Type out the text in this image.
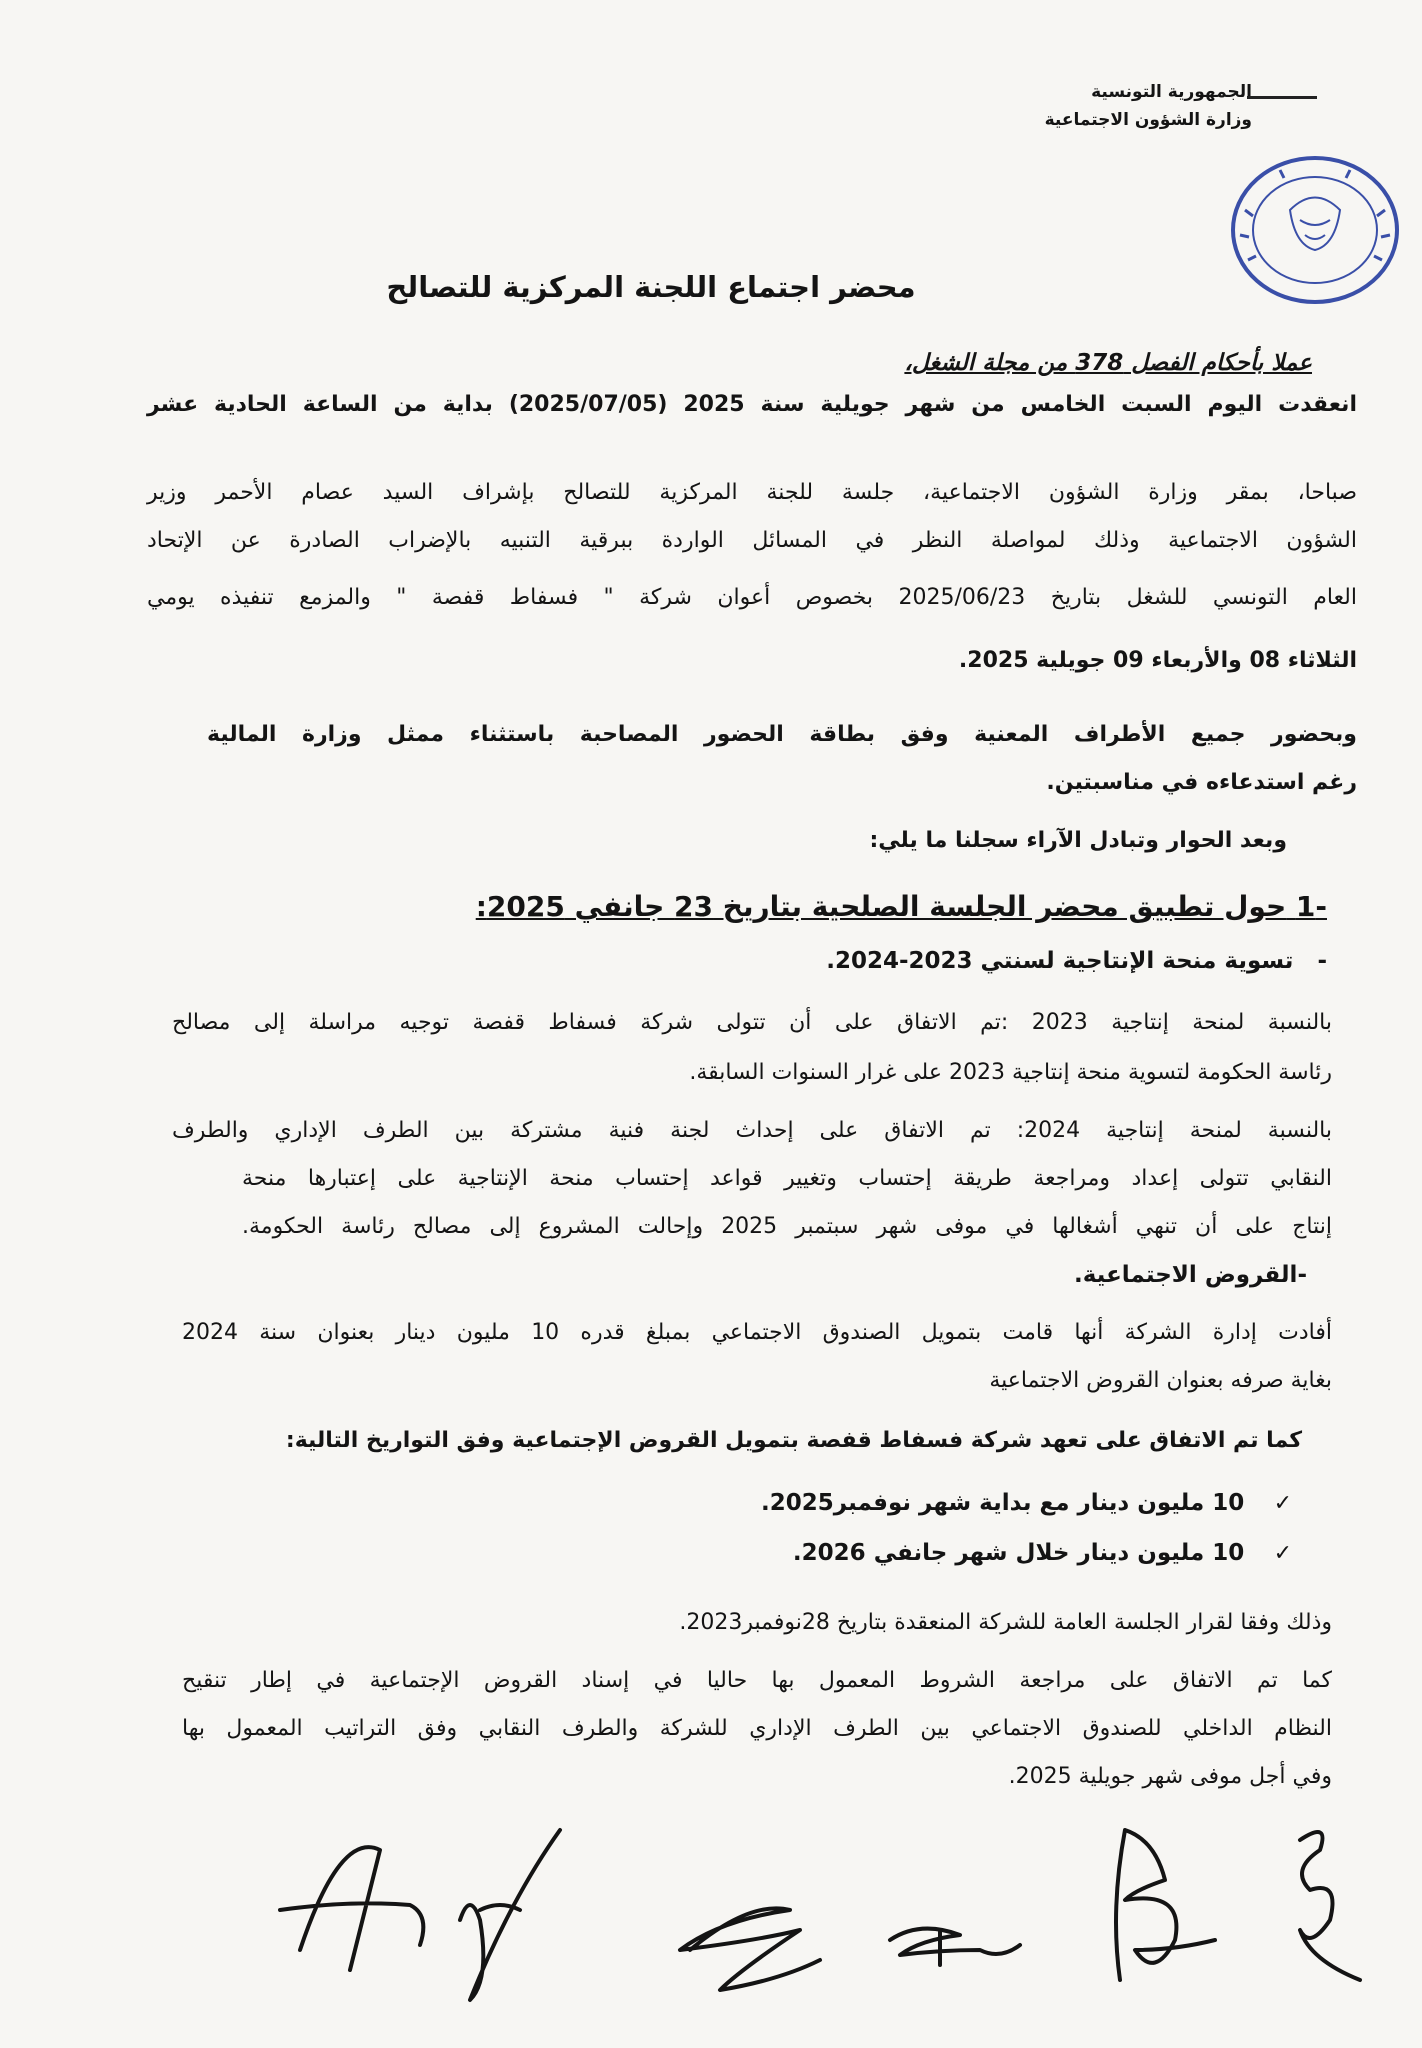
الجمهورية التونسية
وزارة الشؤون الاجتماعية
محضر اجتماع اللجنة المركزية للتصالح
عملا بأحكام الفصل 378 من مجلة الشغل،
انعقدت اليوم السبت الخامس من شهر جويلية سنة 2025 (2025/07/05) بداية من الساعة الحادية عشر
صباحا، بمقر وزارة الشؤون الاجتماعية، جلسة للجنة المركزية للتصالح بإشراف السيد عصام الأحمر وزير
الشؤون الاجتماعية وذلك لمواصلة النظر في المسائل الواردة ببرقية التنبيه بالإضراب الصادرة عن الإتحاد
العام التونسي للشغل بتاريخ 2025/06/23 بخصوص أعوان شركة " فسفاط قفصة " والمزمع تنفيذه يومي
الثلاثاء 08 والأربعاء 09 جويلية 2025.
وبحضور جميع الأطراف المعنية وفق بطاقة الحضور المصاحبة باستثناء ممثل وزارة المالية
رغم استدعاءه في مناسبتين.
وبعد الحوار وتبادل الآراء سجلنا ما يلي:
-1 حول تطبيق محضر الجلسة الصلحية بتاريخ 23 جانفي 2025:
-   تسوية منحة الإنتاجية لسنتي 2023-2024.
بالنسبة لمنحة إنتاجية 2023 :تم الاتفاق على أن تتولى شركة فسفاط قفصة توجيه مراسلة إلى مصالح
رئاسة الحكومة لتسوية منحة إنتاجية 2023 على غرار السنوات السابقة.
بالنسبة لمنحة إنتاجية 2024: تم الاتفاق على إحداث لجنة فنية مشتركة بين الطرف الإداري والطرف
النقابي تتولى إعداد ومراجعة طريقة إحتساب وتغيير قواعد إحتساب منحة الإنتاجية على إعتبارها منحة
إنتاج على أن تنهي أشغالها في موفى شهر سبتمبر 2025 وإحالت المشروع إلى مصالح رئاسة الحكومة.
-القروض الاجتماعية.
أفادت إدارة الشركة أنها قامت بتمويل الصندوق الاجتماعي بمبلغ قدره 10 مليون دينار بعنوان سنة 2024
بغاية صرفه بعنوان القروض الاجتماعية
كما تم الاتفاق على تعهد شركة فسفاط قفصة بتمويل القروض الإجتماعية وفق التواريخ التالية:
✓    10 مليون دينار مع بداية شهر نوفمبر2025.
✓    10 مليون دينار خلال شهر جانفي 2026.
وذلك وفقا لقرار الجلسة العامة للشركة المنعقدة بتاريخ 28نوفمبر2023.
كما تم الاتفاق على مراجعة الشروط المعمول بها حاليا في إسناد القروض الإجتماعية في إطار تنقيح
النظام الداخلي للصندوق الاجتماعي بين الطرف الإداري للشركة والطرف النقابي وفق التراتيب المعمول بها
وفي أجل موفى شهر جويلية 2025.
